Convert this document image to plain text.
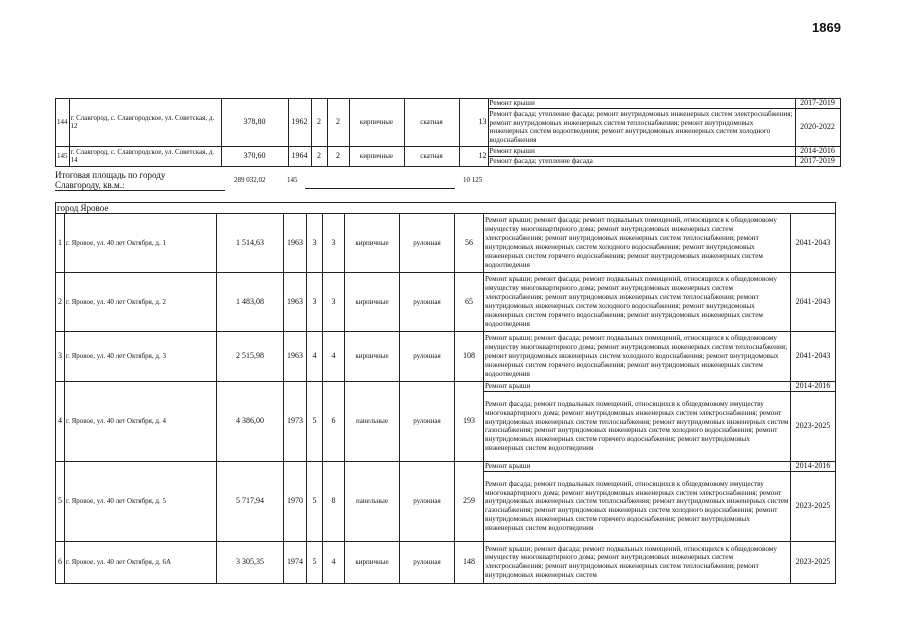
1869
144	г. Славгород, с. Славгородское, ул. Советская, д. 12	378,80	1962	2	2	кирпичные	скатная	13	Ремонт крыши	2017-2019
									Ремонт фасада; утепление фасада; ремонт внутридомовых инженерных систем электроснабжения; ремонт внутридомовых инженерных систем теплоснабжения; ремонт внутридомовых инженерных систем водоотведения; ремонт внутридомовых инженерных систем холодного водоснабжения	2020-2022
145	г. Славгород, с. Славгородское, ул. Советская, д. 14	370,60	1964	2	2	кирпичные	скатная	12	Ремонт крыши	2014-2016
									Ремонт фасада; утепление фасада	2017-2019
Итоговая площадь по городу Славгороду, кв.м.:	289 032,02	145	10 125
город Яровое										
1	г. Яровое, ул. 40 лет Октября, д. 1	1 514,63	1963	3	3	кирпичные	рулонная	56	Ремонт крыши; ремонт фасада; ремонт подвальных помещений, относящихся к общедомовому имуществу многоквартирного дома; ремонт внутридомовых инженерных систем электроснабжения; ремонт внутридомовых инженерных систем теплоснабжения; ремонт внутридомовых инженерных систем холодного водоснабжения; ремонт внутридомовых инженерных систем горячего водоснабжения; ремонт внутридомовых инженерных систем водоотведения	2041-2043
2	г. Яровое, ул. 40 лет Октября, д. 2	1 483,08	1963	3	3	кирпичные	рулонная	65	Ремонт крыши; ремонт фасада; ремонт подвальных помещений, относящихся к общедомовому имуществу многоквартирного дома; ремонт внутридомовых инженерных систем электроснабжения; ремонт внутридомовых инженерных систем теплоснабжения; ремонт внутридомовых инженерных систем холодного водоснабжения; ремонт внутридомовых инженерных систем горячего водоснабжения; ремонт внутридомовых инженерных систем водоотведения	2041-2043
3	г. Яровое, ул. 40 лет Октября, д. 3	2 515,98	1963	4	4	кирпичные	рулонная	108	Ремонт крыши; ремонт фасада; ремонт подвальных помещений, относящихся к общедомовому имуществу многоквартирного дома; ремонт внутридомовых инженерных систем теплоснабжения; ремонт внутридомовых инженерных систем холодного водоснабжения; ремонт внутридомовых инженерных систем горячего водоснабжения; ремонт внутридомовых инженерных систем водоотведения	2041-2043
4	г. Яровое, ул. 40 лет Октября, д. 4	4 386,00	1973	5	6	панельные	рулонная	193	Ремонт крыши	2014-2016
									Ремонт фасада; ремонт подвальных помещений, относящихся к общедомовому имуществу многоквартирного дома; ремонт внутридомовых инженерных систем электроснабжения; ремонт внутридомовых инженерных систем теплоснабжения; ремонт внутридомовых инженерных систем газоснабжения; ремонт внутридомовых инженерных систем холодного водоснабжения; ремонт внутридомовых инженерных систем горячего водоснабжения; ремонт внутридомовых инженерных систем водоотведения	2023-2025
5	г. Яровое, ул. 40 лет Октября, д. 5	5 717,94	1970	5	8	панельные	рулонная	259	Ремонт крыши	2014-2016
									Ремонт фасада; ремонт подвальных помещений, относящихся к общедомовому имуществу многоквартирного дома; ремонт внутридомовых инженерных систем электроснабжения; ремонт внутридомовых инженерных систем теплоснабжения; ремонт внутридомовых инженерных систем газоснабжения; ремонт внутридомовых инженерных систем холодного водоснабжения; ремонт внутридомовых инженерных систем горячего водоснабжения; ремонт внутридомовых инженерных систем водоотведения	2023-2025
6	г. Яровое, ул. 40 лет Октября, д. 6А	3 305,35	1974	5	4	кирпичные	рулонная	148	Ремонт крыши; ремонт фасада; ремонт подвальных помещений, относящихся к общедомовому имуществу многоквартирного дома; ремонт внутридомовых инженерных систем электроснабжения; ремонт внутридомовых инженерных систем теплоснабжения; ремонт внутридомовых инженерных систем	2023-2025
